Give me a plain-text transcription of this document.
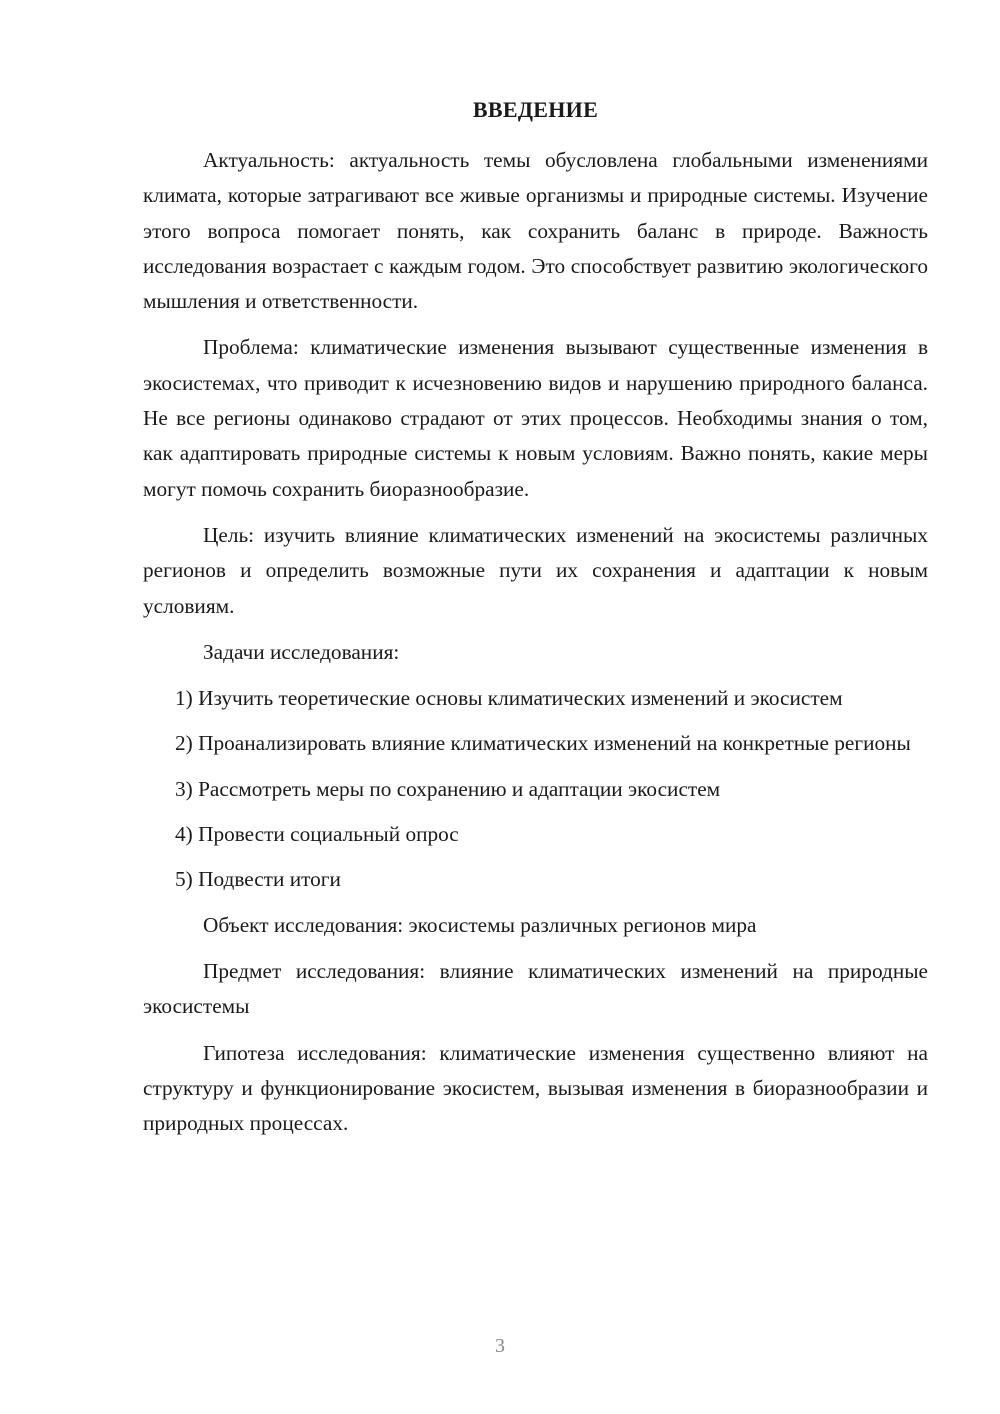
ВВЕДЕНИЕ

Актуальность: актуальность темы обусловлена глобальными изменениями климата, которые затрагивают все живые организмы и природные системы. Изучение этого вопроса помогает понять, как сохранить баланс в природе. Важность исследования возрастает с каждым годом. Это способствует развитию экологического мышления и ответственности.

Проблема: климатические изменения вызывают существенные изменения в экосистемах, что приводит к исчезновению видов и нарушению природного баланса. Не все регионы одинаково страдают от этих процессов. Необходимы знания о том, как адаптировать природные системы к новым условиям. Важно понять, какие меры могут помочь сохранить биоразнообразие.

Цель: изучить влияние климатических изменений на экосистемы различных регионов и определить возможные пути их сохранения и адаптации к новым условиям.

Задачи исследования:

1) Изучить теоретические основы климатических изменений и экосистем

2) Проанализировать влияние климатических изменений на конкретные регионы

3) Рассмотреть меры по сохранению и адаптации экосистем

4) Провести социальный опрос

5) Подвести итоги

Объект исследования: экосистемы различных регионов мира

Предмет исследования: влияние климатических изменений на природные экосистемы

Гипотеза исследования: климатические изменения существенно влияют на структуру и функционирование экосистем, вызывая изменения в биоразнообразии и природных процессах.

3
